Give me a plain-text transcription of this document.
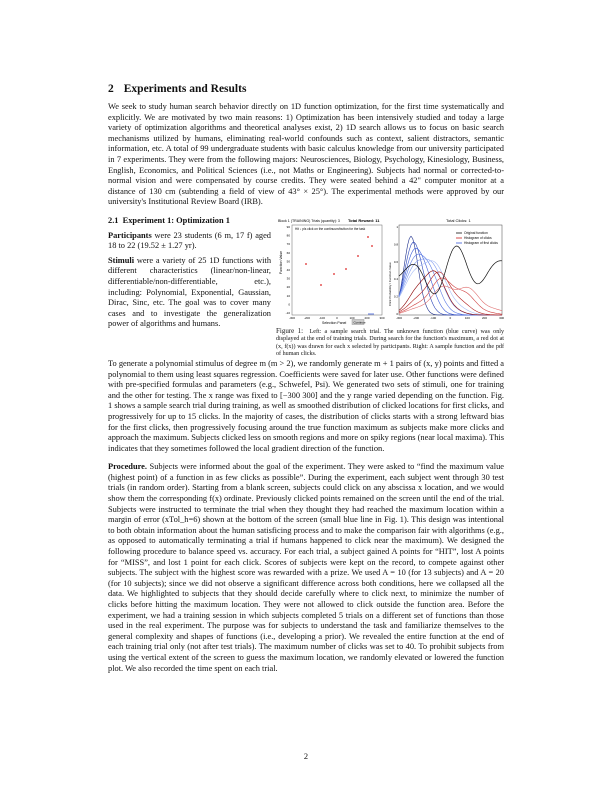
2 Experiments and Results

We seek to study human search behavior directly on 1D function optimization, for the first time systematically and explicitly. We are motivated by two main reasons: 1) Optimization has been intensively studied and today a large variety of optimization algorithms and theoretical analyses exist, 2) 1D search allows us to focus on basic search mechanisms utilized by humans, eliminating real-world confounds such as context, salient distractors, semantic information, etc. A total of 99 undergraduate students with basic calculus knowledge from our university participated in 7 experiments. They were from the following majors: Neurosciences, Biology, Psychology, Kinesiology, Business, English, Economics, and Political Sciences (i.e., not Maths or Engineering). Subjects had normal or corrected-to-normal vision and were compensated by course credits. They were seated behind a 42" computer monitor at a distance of 130 cm (subtending a field of view of 43° × 25°). The experimental methods were approved by our university's Institutional Review Board (IRB).

2.1 Experiment 1: Optimization 1

Participants were 23 students (6 m, 17 f) aged 18 to 22 (19.52 ± 1.27 yr).

Stimuli were a variety of 25 1D functions with different characteristics (linear/non-linear, differentiable/non-differentiable, etc.), including: Polynomial, Exponential, Gaussian, Dirac, Sinc, etc. The goal was to cover many cases and to investigate the generalization power of algorithms and humans.

Block 1 (TRAINING) Trials (quantity): 3 Total Reward: 11
Hit ↓ pls click on the continuum/button for the task
Function Value
90
80
70
60
50
40
30
20
10
0
-10
-300	-200	-100	0	100	200	300
Selection Panel Continue
Total Clicks: 1
Click Probability / Function Value
1
0.8
0.6
0.4
0.2
0
-300	-200	-100	0	100	200	300
Original function
Histogram of clicks
Histogram of first clicks

Figure 1: Left: a sample search trial. The unknown function (blue curve) was only displayed at the end of training trials. During search for the function's maximum, a red dot at (x, f(x)) was drawn for each x selected by participants. Right: A sample function and the pdf of human clicks.

To generate a polynomial stimulus of degree m (m > 2), we randomly generate m + 1 pairs of (x, y) points and fitted a polynomial to them using least squares regression. Coefficients were saved for later use. Other functions were defined with pre-specified formulas and parameters (e.g., Schwefel, Psi). We generated two sets of stimuli, one for training and the other for testing. The x range was fixed to [−300 300] and the y range varied depending on the function. Fig. 1 shows a sample search trial during training, as well as smoothed distribution of clicked locations for first clicks, and progressively for up to 15 clicks. In the majority of cases, the distribution of clicks starts with a strong leftward bias for the first clicks, then progressively focusing around the true function maximum as subjects make more clicks and approach the maximum. Subjects clicked less on smooth regions and more on spiky regions (near local maxima). This indicates that they sometimes followed the local gradient direction of the function.

Procedure. Subjects were informed about the goal of the experiment. They were asked to “find the maximum value (highest point) of a function in as few clicks as possible”. During the experiment, each subject went through 30 test trials (in random order). Starting from a blank screen, subjects could click on any abscissa x location, and we would show them the corresponding f(x) ordinate. Previously clicked points remained on the screen until the end of the trial. Subjects were instructed to terminate the trial when they thought they had reached the maximum location within a margin of error (xTol_h=6) shown at the bottom of the screen (small blue line in Fig. 1). This design was intentional to both obtain information about the human satisficing process and to make the comparison fair with algorithms (e.g., as opposed to automatically terminating a trial if humans happened to click near the maximum). We designed the following procedure to balance speed vs. accuracy. For each trial, a subject gained A points for “HIT”, lost A points for “MISS”, and lost 1 point for each click. Scores of subjects were kept on the record, to compete against other subjects. The subject with the highest score was rewarded with a prize. We used A = 10 (for 13 subjects) and A = 20 (for 10 subjects); since we did not observe a significant difference across both conditions, here we collapsed all the data. We highlighted to subjects that they should decide carefully where to click next, to minimize the number of clicks before hitting the maximum location. They were not allowed to click outside the function area. Before the experiment, we had a training session in which subjects completed 5 trials on a different set of functions than those used in the real experiment. The purpose was for subjects to understand the task and familiarize themselves to the general complexity and shapes of functions (i.e., developing a prior). We revealed the entire function at the end of each training trial only (not after test trials). The maximum number of clicks was set to 40. To prohibit subjects from using the vertical extent of the screen to guess the maximum location, we randomly elevated or lowered the function plot. We also recorded the time spent on each trial.

2
